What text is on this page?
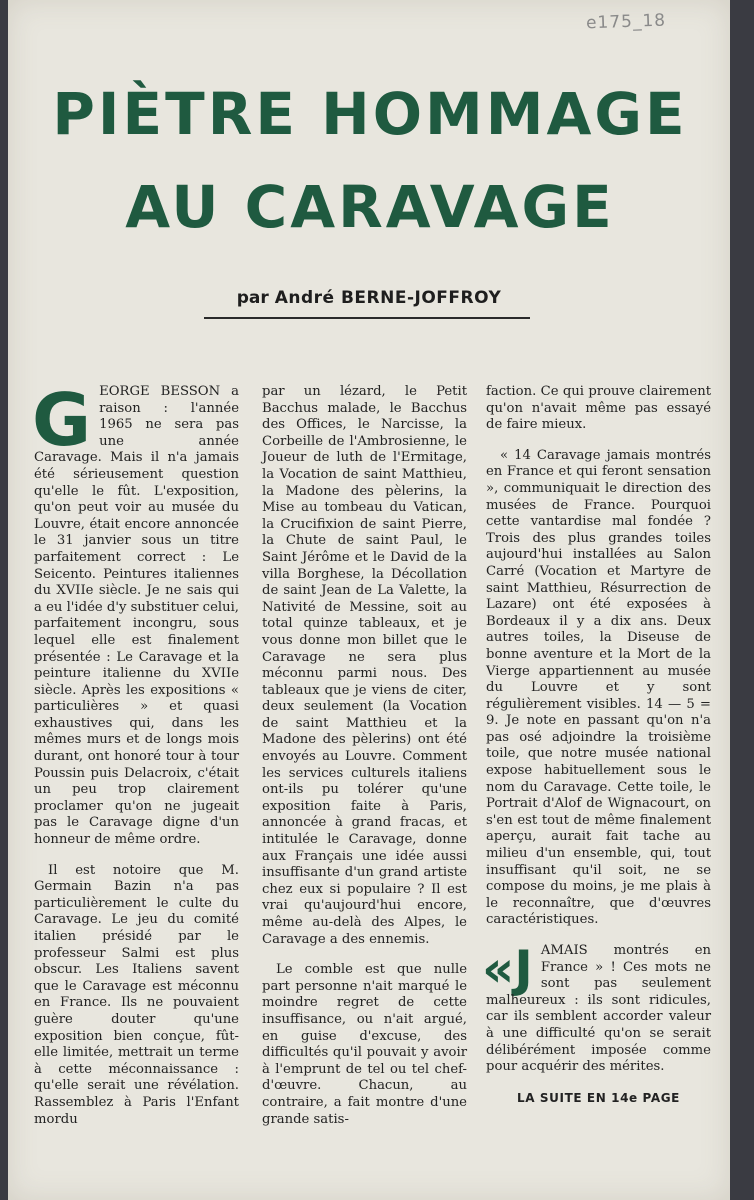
e175_18
PIÈTRE HOMMAGE
AU CARAVAGE
par André BERNE-JOFFROY

GEORGE BESSON a raison : l'année 1965 ne sera pas une année Caravage. Mais il n'a jamais été sérieusement question qu'elle le fût. L'exposition, qu'on peut voir au musée du Louvre, était encore annoncée le 31 janvier sous un titre parfaitement correct : Le Seicento. Peintures italiennes du XVIIe siècle. Je ne sais qui a eu l'idée d'y substituer celui, parfaitement incongru, sous lequel elle est finalement présentée : Le Caravage et la peinture italienne du XVIIe siècle. Après les expositions « particulières » et quasi exhaustives qui, dans les mêmes murs et de longs mois durant, ont honoré tour à tour Poussin puis Delacroix, c'était un peu trop clairement proclamer qu'on ne jugeait pas le Caravage digne d'un honneur de même ordre.

Il est notoire que M. Germain Bazin n'a pas particulièrement le culte du Caravage. Le jeu du comité italien présidé par le professeur Salmi est plus obscur. Les Italiens savent que le Caravage est méconnu en France. Ils ne pouvaient guère douter qu'une exposition bien conçue, fût-elle limitée, mettrait un terme à cette méconnaissance : qu'elle serait une révélation. Rassemblez à Paris l'Enfant mordu

par un lézard, le Petit Bacchus malade, le Bacchus des Offices, le Narcisse, la Corbeille de l'Ambrosienne, le Joueur de luth de l'Ermitage, la Vocation de saint Matthieu, la Madone des pèlerins, la Mise au tombeau du Vatican, la Crucifixion de saint Pierre, la Chute de saint Paul, le Saint Jérôme et le David de la villa Borghese, la Décollation de saint Jean de La Valette, la Nativité de Messine, soit au total quinze tableaux, et je vous donne mon billet que le Caravage ne sera plus méconnu parmi nous. Des tableaux que je viens de citer, deux seulement (la Vocation de saint Matthieu et la Madone des pèlerins) ont été envoyés au Louvre. Comment les services culturels italiens ont-ils pu tolérer qu'une exposition faite à Paris, annoncée à grand fracas, et intitulée le Caravage, donne aux Français une idée aussi insuffisante d'un grand artiste chez eux si populaire ? Il est vrai qu'aujourd'hui encore, même au-delà des Alpes, le Caravage a des ennemis.

Le comble est que nulle part personne n'ait marqué le moindre regret de cette insuffisance, ou n'ait argué, en guise d'excuse, des difficultés qu'il pouvait y avoir à l'emprunt de tel ou tel chef-d'œuvre. Chacun, au contraire, a fait montre d'une grande satis-

faction. Ce qui prouve clairement qu'on n'avait même pas essayé de faire mieux.

« 14 Caravage jamais montrés en France et qui feront sensation », communiquait le direction des musées de France. Pourquoi cette vantardise mal fondée ? Trois des plus grandes toiles aujourd'hui installées au Salon Carré (Vocation et Martyre de saint Matthieu, Résurrection de Lazare) ont été exposées à Bordeaux il y a dix ans. Deux autres toiles, la Diseuse de bonne aventure et la Mort de la Vierge appartiennent au musée du Louvre et y sont régulièrement visibles. 14 — 5 = 9. Je note en passant qu'on n'a pas osé adjoindre la troisième toile, que notre musée national expose habituellement sous le nom du Caravage. Cette toile, le Portrait d'Alof de Wignacourt, on s'en est tout de même finalement aperçu, aurait fait tache au milieu d'un ensemble, qui, tout insuffisant qu'il soit, ne se compose du moins, je me plais à le reconnaître, que d'œuvres caractéristiques.

«JAMAIS montrés en France » ! Ces mots ne sont pas seulement malheureux : ils sont ridicules, car ils semblent accorder valeur à une difficulté qu'on se serait délibérément imposée comme pour acquérir des mérites.

LA SUITE EN 14e PAGE
